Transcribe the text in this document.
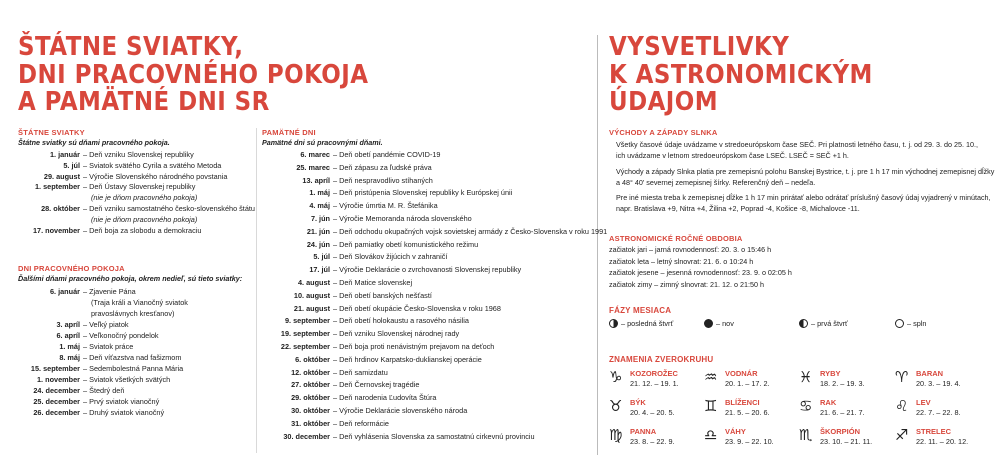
ŠTÁTNE SVIATKY,
DNI PRACOVNÉHO POKOJA
A PAMÄTNÉ DNI SR
VYSVETLIVKY
K ASTRONOMICKÝM
ÚDAJOM
ŠTÁTNE SVIATKY
Štátne sviatky sú dňami pracovného pokoja.
1. január – Deň vzniku Slovenskej republiky
5. júl – Sviatok svätého Cyrila a svätého Metoda
29. august – Výročie Slovenského národného povstania
1. september – Deň Ústavy Slovenskej republiky
(nie je dňom pracovného pokoja)
28. október – Deň vzniku samostatného česko-slovenského štátu
(nie je dňom pracovného pokoja)
17. november – Deň boja za slobodu a demokraciu
DNI PRACOVNÉHO POKOJA
Ďalšími dňami pracovného pokoja, okrem nedieľ, sú tieto sviatky:
6. január – Zjavenie Pána
(Traja králi a Vianočný sviatok
pravoslávnych kresťanov)
3. apríl – Veľký piatok
6. apríl – Veľkonočný pondelok
1. máj – Sviatok práce
8. máj – Deň víťazstva nad fašizmom
15. september – Sedembolestná Panna Mária
1. november – Sviatok všetkých svätých
24. december – Štedrý deň
25. december – Prvý sviatok vianočný
26. december – Druhý sviatok vianočný
PAMÄTNÉ DNI
Pamätné dni sú pracovnými dňami.
6. marec – Deň obetí pandémie COVID-19
25. marec – Deň zápasu za ľudské práva
13. apríl – Deň nespravodlivo stíhaných
1. máj – Deň pristúpenia Slovenskej republiky k Európskej únii
4. máj – Výročie úmrtia M. R. Štefánika
7. jún – Výročie Memoranda národa slovenského
21. jún – Deň odchodu okupačných vojsk sovietskej armády z Česko-Slovenska v roku 1991
24. jún – Deň pamiatky obetí komunistického režimu
5. júl – Deň Slovákov žijúcich v zahraničí
17. júl – Výročie Deklarácie o zvrchovanosti Slovenskej republiky
4. august – Deň Matice slovenskej
10. august – Deň obetí banských nešťastí
21. august – Deň obetí okupácie Česko-Slovenska v roku 1968
9. september – Deň obetí holokaustu a rasového násilia
19. september – Deň vzniku Slovenskej národnej rady
22. september – Deň boja proti nenávistným prejavom na deťoch
6. október – Deň hrdinov Karpatsko-duklianskej operácie
12. október – Deň samizdatu
27. október – Deň Černovskej tragédie
29. október – Deň narodenia Ľudovíta Štúra
30. október – Výročie Deklarácie slovenského národa
31. október – Deň reformácie
30. december – Deň vyhlásenia Slovenska za samostatnú cirkevnú provinciu
VÝCHODY A ZÁPADY SLNKA
Všetky časové údaje uvádzame v stredoeurópskom čase SEČ. Pri platnosti letného času, t. j. od 29. 3. do 25. 10.,
ich uvádzame v letnom stredoeurópskom čase LSEČ. LSEČ = SEČ +1 h.
Východy a západy Slnka platia pre zemepisnú polohu Banskej Bystrice, t. j. pre 1 h 17 min východnej zemepisnej dĺžky
a 48° 40' severnej zemepisnej šírky. Referenčný deň – nedeľa.
Pre iné miesta treba k zemepisnej dĺžke 1 h 17 min prirátať alebo odrátať príslušný časový údaj vyjadrený v minútach,
napr. Bratislava +9, Nitra +4, Žilina +2, Poprad -4, Košice -8, Michalovce -11.
ASTRONOMICKÉ ROČNÉ OBDOBIA
začiatok jari – jarná rovnodennosť: 20. 3. o 15:46 h
začiatok leta – letný slnovrat: 21. 6. o 10:24 h
začiatok jesene – jesenná rovnodennosť: 23. 9. o 02:05 h
začiatok zimy – zimný slnovrat: 21. 12. o 21:50 h
FÁZY MESIACA
– posledná štvrť	– nov	– prvá štvrť	– spln
ZNAMENIA ZVEROKRUHU
♑ KOZOROŽEC
21. 12. – 19. 1. ♒ VODNÁR
20. 1. – 17. 2. ♓ RYBY
18. 2. – 19. 3. ♈ BARAN
20. 3. – 19. 4.
♉ BÝK
20. 4. – 20. 5. ♊ BLÍŽENCI
21. 5. – 20. 6. ♋ RAK
21. 6. – 21. 7. ♌ LEV
22. 7. – 22. 8.
♍ PANNA
23. 8. – 22. 9. ♎ VÁHY
23. 9. – 22. 10. ♏ ŠKORPIÓN
23. 10. – 21. 11. ♐ STRELEC
22. 11. – 20. 12.
